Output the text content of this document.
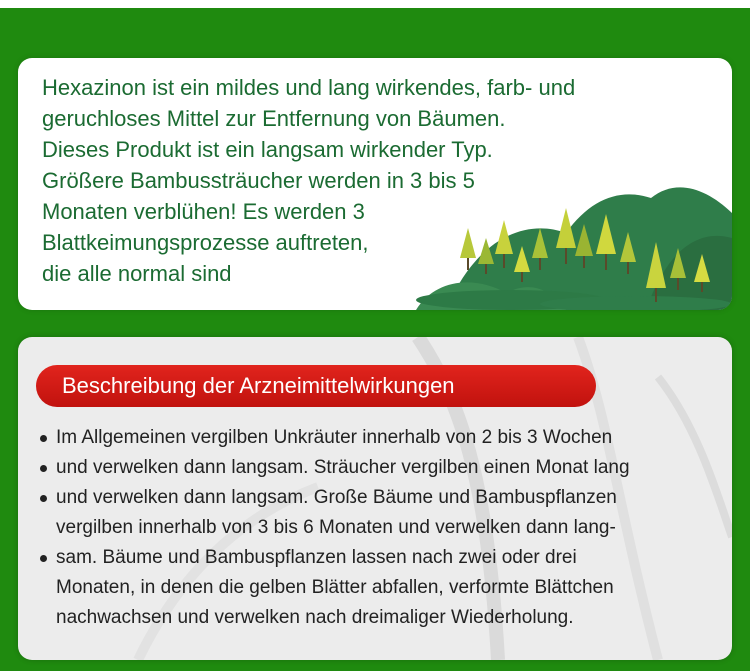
Hexazinon ist ein mildes und lang wirkendes, farb- und
geruchloses Mittel zur Entfernung von Bäumen.
Dieses Produkt ist ein langsam wirkender Typ.
Größere Bambussträucher werden in 3 bis 5
Monaten verblühen! Es werden 3
Blattkeimungsprozesse auftreten,
die alle normal sind
Beschreibung der Arzneimittelwirkungen
Im Allgemeinen vergilben Unkräuter innerhalb von 2 bis 3 Wochen
und verwelken dann langsam. Sträucher vergilben einen Monat lang
und verwelken dann langsam. Große Bäume und Bambuspflanzen
vergilben innerhalb von 3 bis 6 Monaten und verwelken dann lang-
sam. Bäume und Bambuspflanzen lassen nach zwei oder drei
Monaten, in denen die gelben Blätter abfallen, verformte Blättchen
nachwachsen und verwelken nach dreimaliger Wiederholung.
